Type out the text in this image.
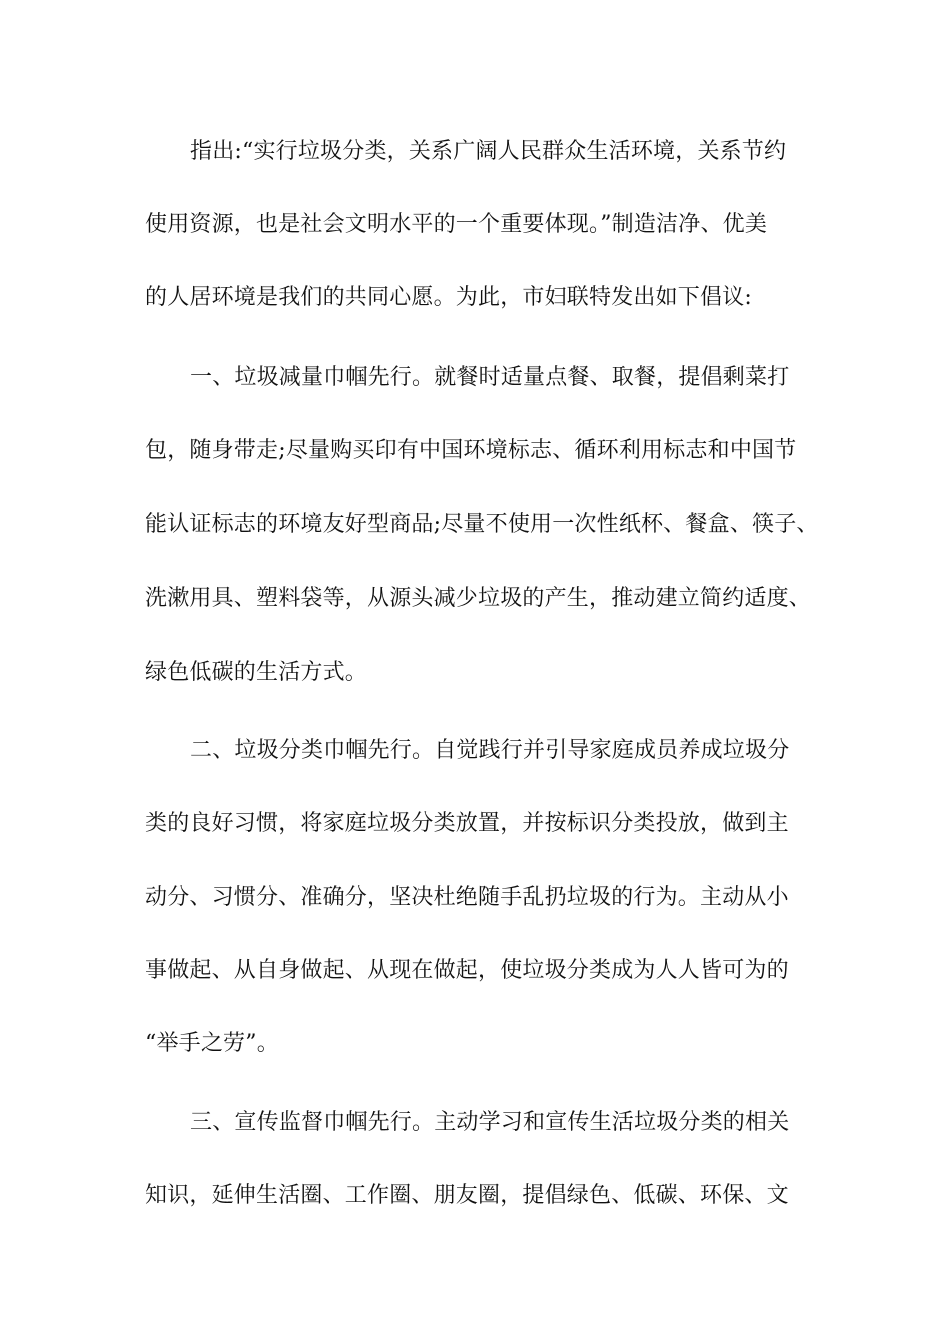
指出:“实行垃圾分类，关系广阔人民群众生活环境，关系节约
使用资源，也是社会文明水平的一个重要体现。”制造洁净、优美
的人居环境是我们的共同心愿。为此，市妇联特发出如下倡议:
一、垃圾减量巾帼先行。就餐时适量点餐、取餐，提倡剩菜打
包，随身带走;尽量购买印有中国环境标志、循环利用标志和中国节
能认证标志的环境友好型商品;尽量不使用一次性纸杯、餐盒、筷子、
洗漱用具、塑料袋等，从源头减少垃圾的产生，推动建立简约适度、
绿色低碳的生活方式。
二、垃圾分类巾帼先行。自觉践行并引导家庭成员养成垃圾分
类的良好习惯，将家庭垃圾分类放置，并按标识分类投放，做到主
动分、习惯分、准确分，坚决杜绝随手乱扔垃圾的行为。主动从小
事做起、从自身做起、从现在做起，使垃圾分类成为人人皆可为的
“举手之劳”。
三、宣传监督巾帼先行。主动学习和宣传生活垃圾分类的相关
知识，延伸生活圈、工作圈、朋友圈，提倡绿色、低碳、环保、文
